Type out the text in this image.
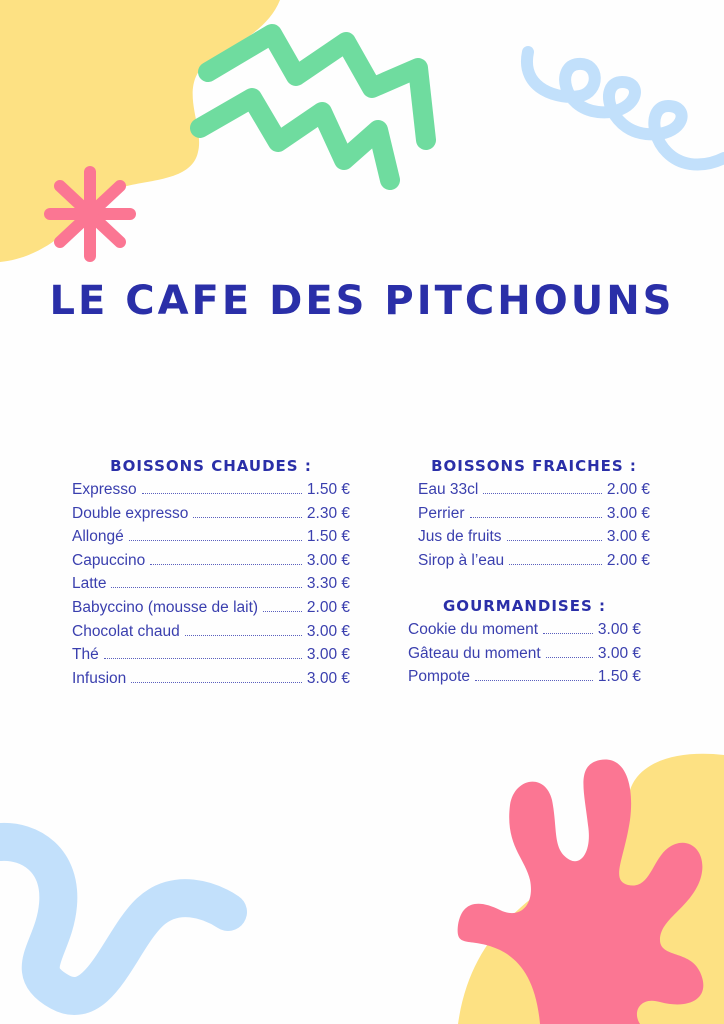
LE CAFE DES PITCHOUNS
BOISSONS CHAUDES :
Expresso	1.50 €
Double expresso	2.30 €
Allongé	1.50 €
Capuccino	3.00 €
Latte	3.30 €
Babyccino (mousse de lait)	2.00 €
Chocolat chaud	3.00 €
Thé	3.00 €
Infusion	3.00 €
BOISSONS FRAICHES :
Eau 33cl	2.00 €
Perrier	3.00 €
Jus de fruits	3.00 €
Sirop à l’eau	2.00 €
GOURMANDISES :
Cookie du moment	3.00 €
Gâteau du moment	3.00 €
Pompote	1.50 €
